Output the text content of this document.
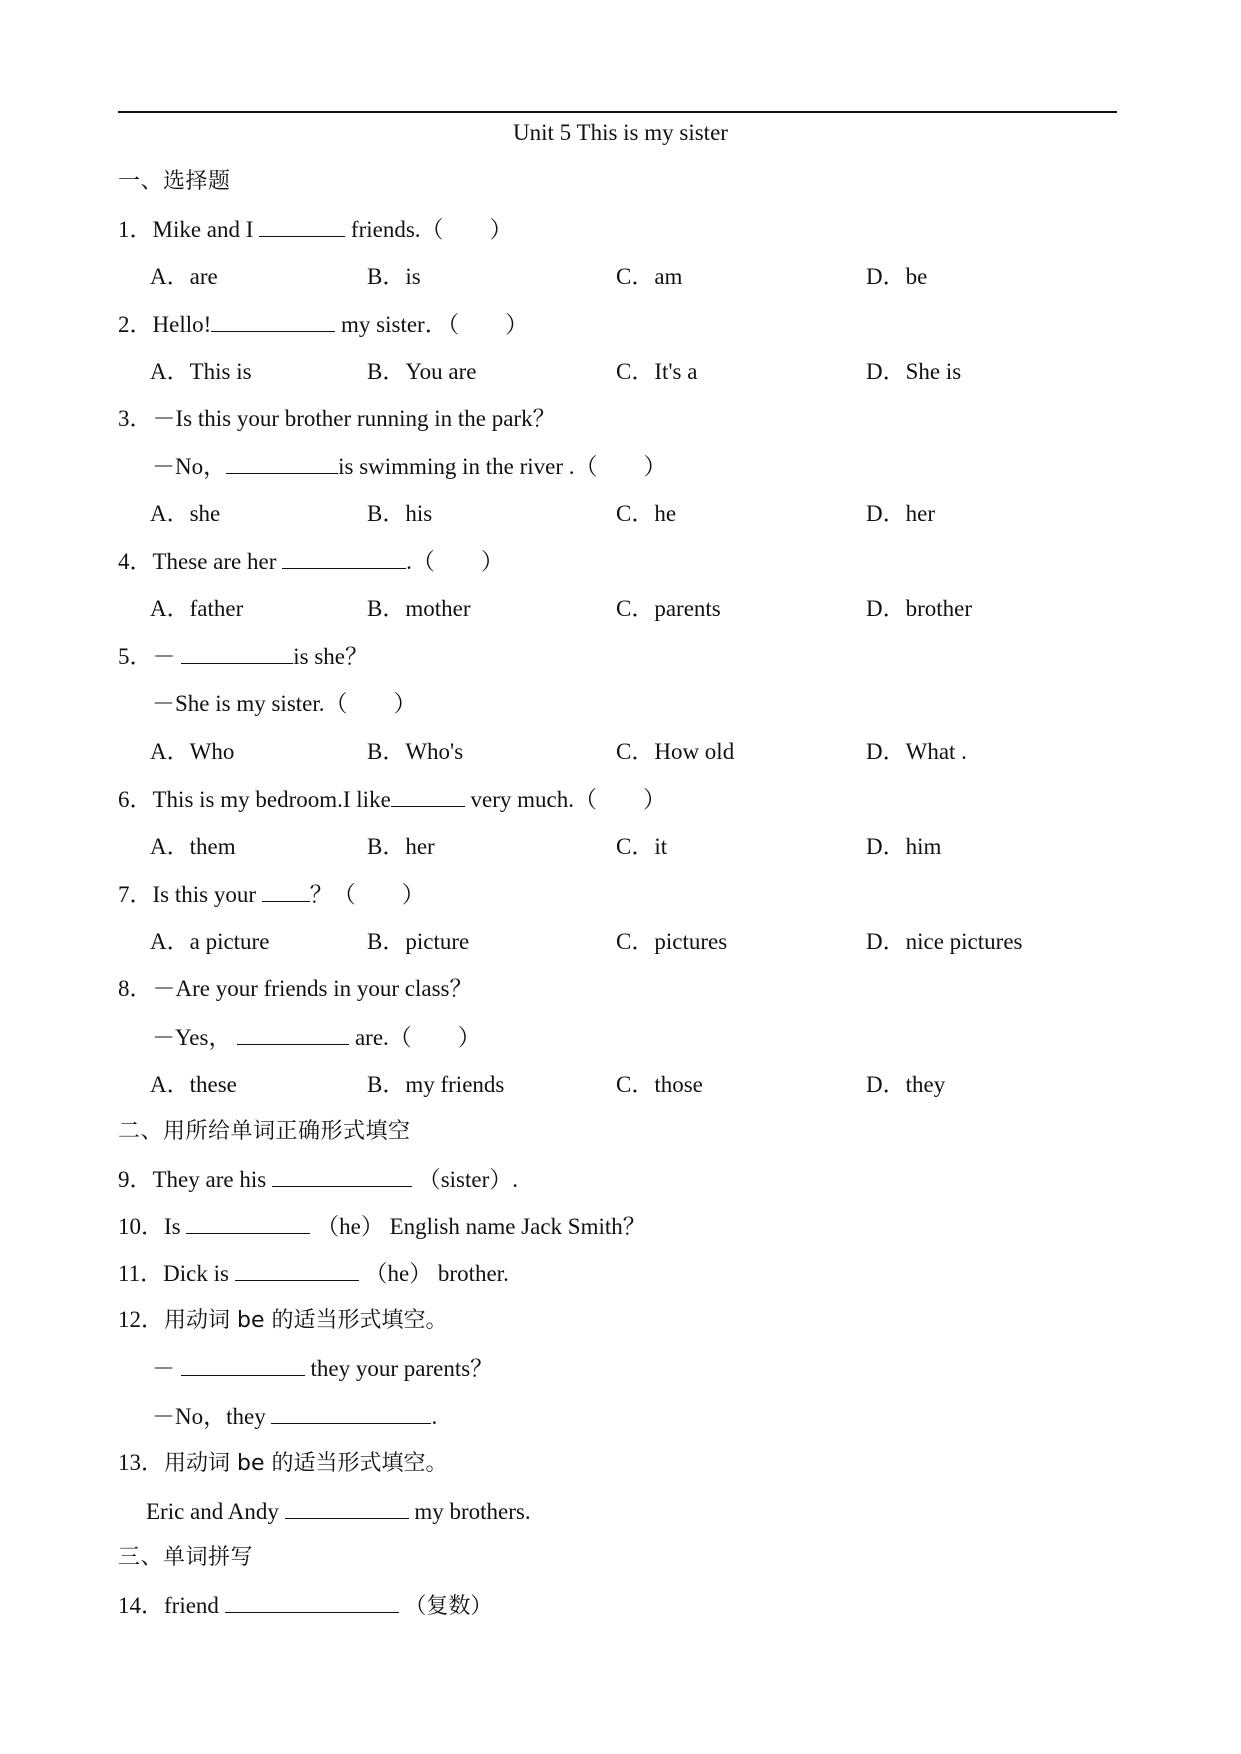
Unit 5 This is my sister
一、选择题
1．Mike and I	friends.（　　）
A．are	B．is	C．am	D．be
2．Hello!	my sister．（　　）
A．This is	B．You are	C．It's a	D．She is
3．－Is this your brother running in the park？
－No，	is swimming in the river .（　　）
A．she	B．his	C．he	D．her
4．These are her	.（　　）
A．father	B．mother	C．parents	D．brother
5．－	is she？
－She is my sister.（　　）
A．Who	B．Who's	C．How old	D．What .
6．This is my bedroom.I like	very much.（　　）
A．them	B．her	C．it	D．him
7．Is this your ？（　　）
A．a picture	B．picture	C．pictures	D．nice pictures
8．－Are your friends in your class？
－Yes，	are.（　　）
A．these	B．my friends	C．those	D．they
二、用所给单词正确形式填空
9．They are his	（sister）.
10．Is	（he） English name Jack Smith？
11．Dick is	（he） brother.
12．用动词 be 的适当形式填空。
－	they your parents？
－No，they	.
13．用动词 be 的适当形式填空。
Eric and Andy	my brothers.
三、单词拼写
14．friend	（复数）
